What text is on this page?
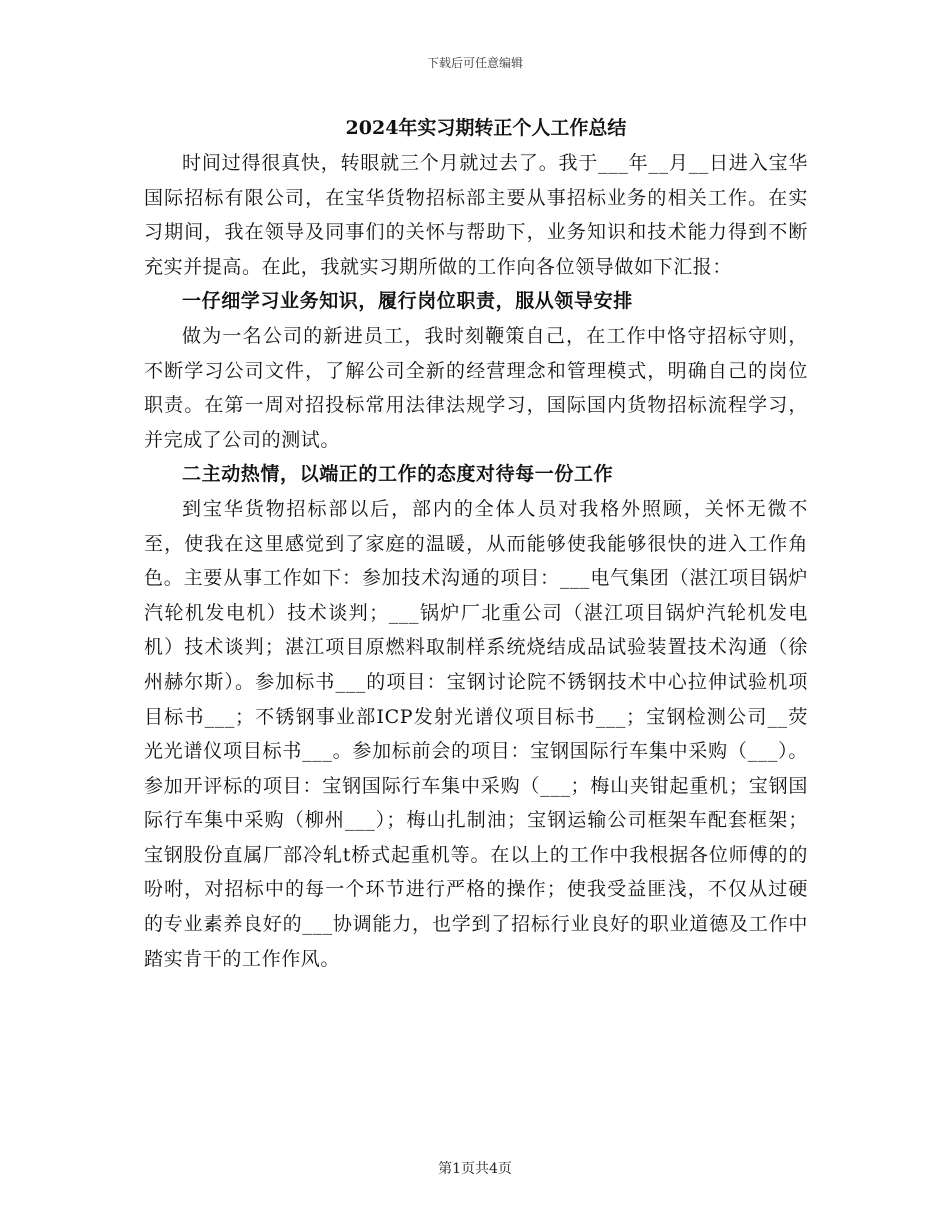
下载后可任意编辑
2024年实习期转正个人工作总结

时间过得很真快，转眼就三个月就过去了。我于___年__月__日进入宝华国际招标有限公司，在宝华货物招标部主要从事招标业务的相关工作。在实习期间，我在领导及同事们的关怀与帮助下，业务知识和技术能力得到不断充实并提高。在此，我就实习期所做的工作向各位领导做如下汇报：

一仔细学习业务知识，履行岗位职责，服从领导安排

做为一名公司的新进员工，我时刻鞭策自己，在工作中恪守招标守则，不断学习公司文件，了解公司全新的经营理念和管理模式，明确自己的岗位职责。在第一周对招投标常用法律法规学习，国际国内货物招标流程学习，并完成了公司的测试。

二主动热情，以端正的工作的态度对待每一份工作

到宝华货物招标部以后，部内的全体人员对我格外照顾，关怀无微不至，使我在这里感觉到了家庭的温暖，从而能够使我能够很快的进入工作角色。主要从事工作如下：参加技术沟通的项目：___电气集团（湛江项目锅炉汽轮机发电机）技术谈判；___锅炉厂北重公司（湛江项目锅炉汽轮机发电机）技术谈判；湛江项目原燃料取制样系统烧结成品试验装置技术沟通（徐州赫尔斯）。参加标书___的项目：宝钢讨论院不锈钢技术中心拉伸试验机项目标书___；不锈钢事业部ICP发射光谱仪项目标书___；宝钢检测公司__荧光光谱仪项目标书___。参加标前会的项目：宝钢国际行车集中采购（___）。参加开评标的项目：宝钢国际行车集中采购（___；梅山夹钳起重机；宝钢国际行车集中采购（柳州___）；梅山扎制油；宝钢运输公司框架车配套框架；宝钢股份直属厂部冷轧t桥式起重机等。在以上的工作中我根据各位师傅的的吩咐，对招标中的每一个环节进行严格的操作；使我受益匪浅，不仅从过硬的专业素养良好的___协调能力，也学到了招标行业良好的职业道德及工作中踏实肯干的工作作风。

第1页共4页
